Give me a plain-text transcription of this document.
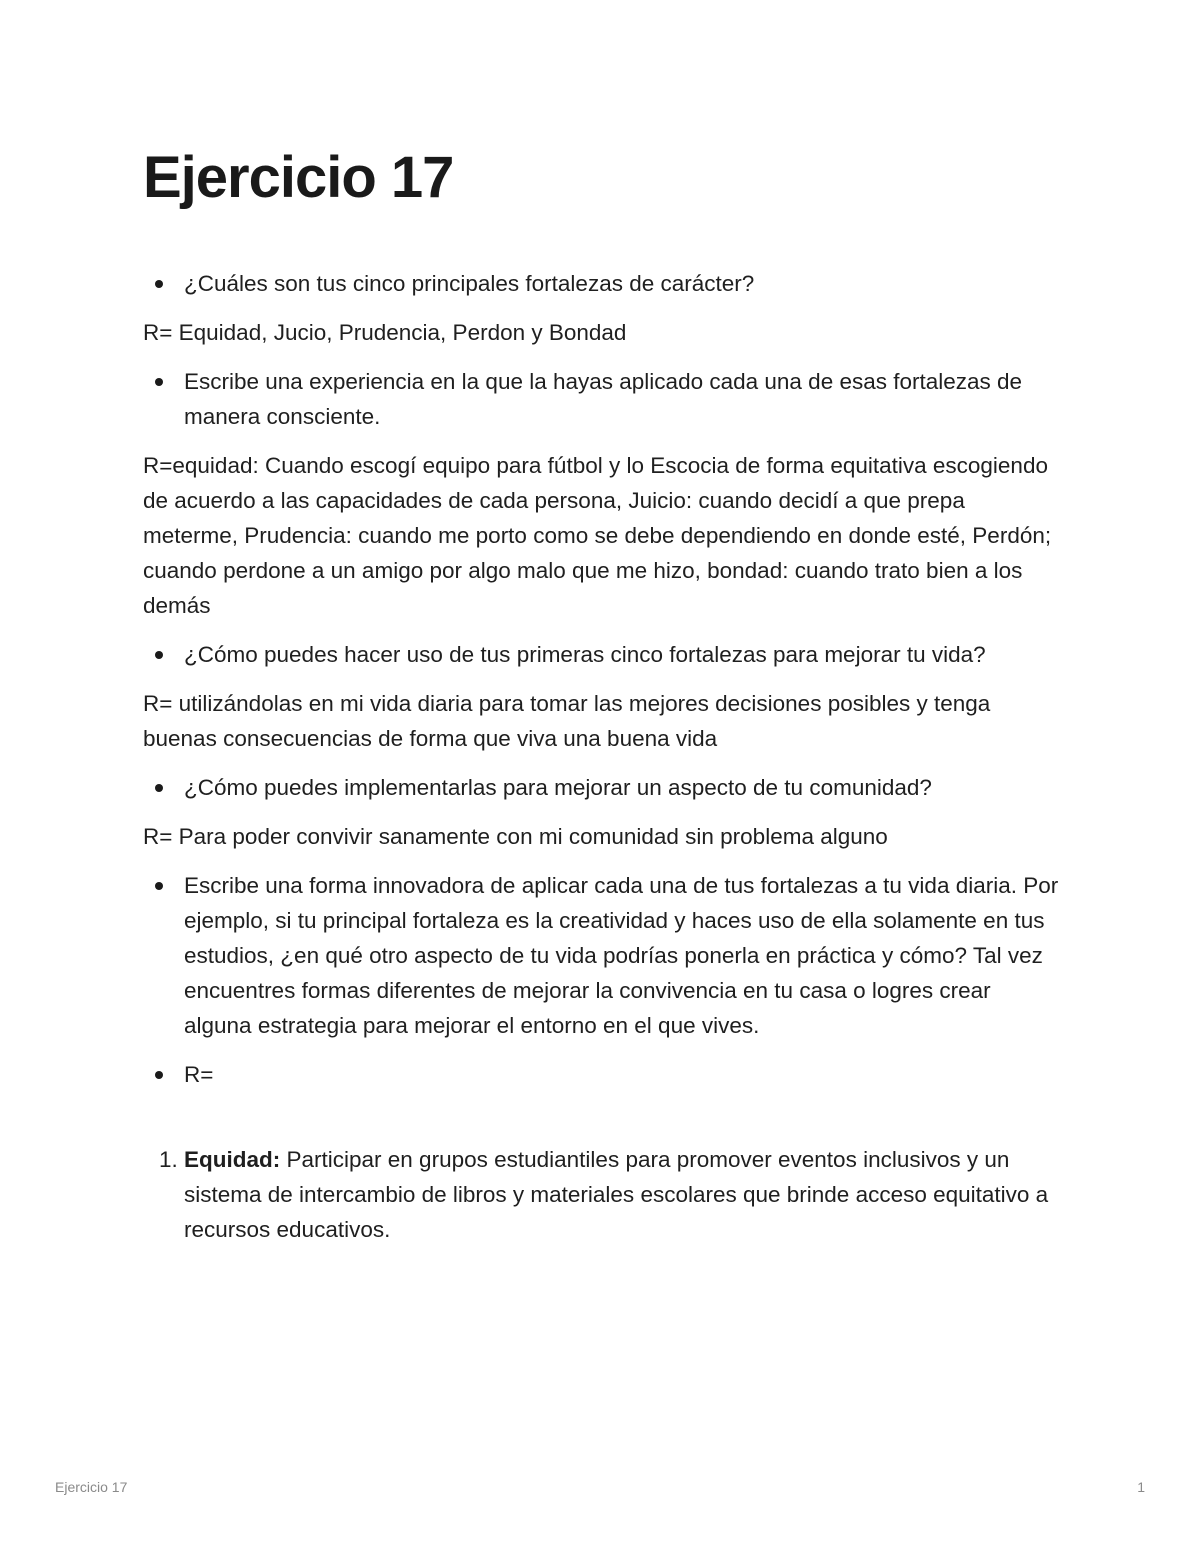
Ejercicio 17
¿Cuáles son tus cinco principales fortalezas de carácter?

R= Equidad, Jucio, Prudencia, Perdon y Bondad

Escribe una experiencia en la que la hayas aplicado cada una de esas fortalezas de manera consciente.

R=equidad: Cuando escogí equipo para fútbol y lo Escocia de forma equitativa escogiendo de acuerdo a las capacidades de cada persona, Juicio: cuando decidí a que prepa meterme, Prudencia: cuando me porto como se debe dependiendo en donde esté, Perdón; cuando perdone a un amigo por algo malo que me hizo, bondad: cuando trato bien a los demás

¿Cómo puedes hacer uso de tus primeras cinco fortalezas para mejorar tu vida?

R= utilizándolas en mi vida diaria para tomar las mejores decisiones posibles y tenga buenas consecuencias de forma que viva una buena vida

¿Cómo puedes implementarlas para mejorar un aspecto de tu comunidad?

R= Para poder convivir sanamente con mi comunidad sin problema alguno

Escribe una forma innovadora de aplicar cada una de tus fortalezas a tu vida diaria. Por ejemplo, si tu principal fortaleza es la creatividad y haces uso de ella solamente en tus estudios, ¿en qué otro aspecto de tu vida podrías ponerla en práctica y cómo? Tal vez encuentres formas diferentes de mejorar la convivencia en tu casa o logres crear alguna estrategia para mejorar el entorno en el que vives.
R=
1. Equidad: Participar en grupos estudiantiles para promover eventos inclusivos y un sistema de intercambio de libros y materiales escolares que brinde acceso equitativo a recursos educativos.
Ejercicio 17	1
